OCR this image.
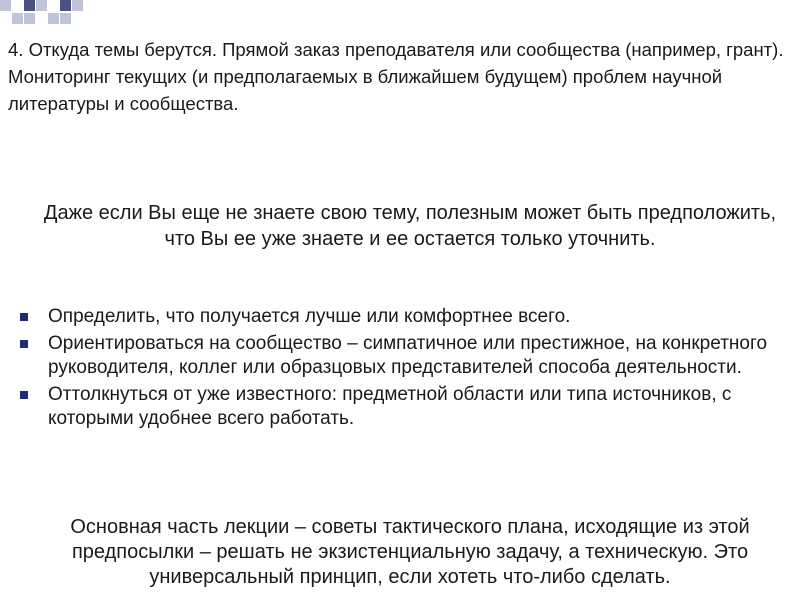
4. Откуда темы берутся. Прямой заказ преподавателя или сообщества (например, грант). Мониторинг текущих (и предполагаемых в ближайшем будущем) проблем научной литературы и сообщества.

Даже если Вы еще не знаете свою тему, полезным может быть предположить, что Вы ее уже знаете и ее остается только уточнить.

Определить, что получается лучше или комфортнее всего.
Ориентироваться на сообщество – симпатичное или престижное, на конкретного руководителя, коллег или образцовых представителей способа деятельности.
Оттолкнуться от уже известного: предметной области или типа источников, с которыми удобнее всего работать.

Основная часть лекции – советы тактического плана, исходящие из этой предпосылки – решать не экзистенциальную задачу, а техническую. Это универсальный принцип, если хотеть что-либо сделать.
